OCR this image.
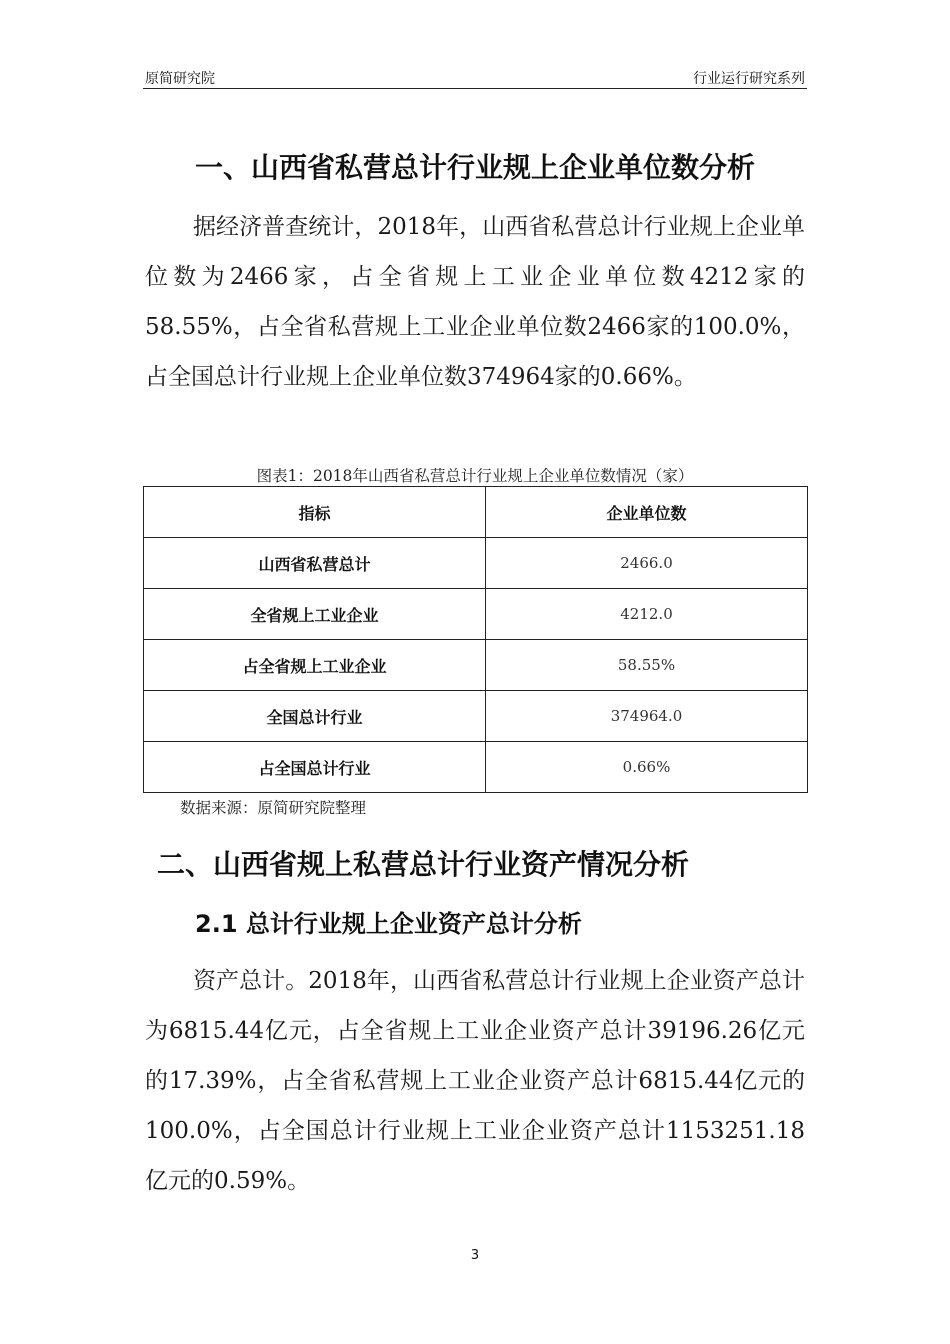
原简研究院	行业运行研究系列
一、山西省私营总计行业规上企业单位数分析

据经济普查统计，2018年，山西省私营总计行业规上企业单位数为2466家，占全省规上工业企业单位数4212家的58.55%，占全省私营规上工业企业单位数2466家的100.0%，占全国总计行业规上企业单位数374964家的0.66%。

图表1：2018年山西省私营总计行业规上企业单位数情况（家）
指标	企业单位数
山西省私营总计	2466.0
全省规上工业企业	4212.0
占全省规上工业企业	58.55%
全国总计行业	374964.0
占全国总计行业	0.66%
数据来源：原简研究院整理
二、山西省规上私营总计行业资产情况分析
2.1 总计行业规上企业资产总计分析

资产总计。2018年，山西省私营总计行业规上企业资产总计为6815.44亿元，占全省规上工业企业资产总计39196.26亿元的17.39%，占全省私营规上工业企业资产总计6815.44亿元的100.0%，占全国总计行业规上工业企业资产总计1153251.18亿元的0.59%。

3
